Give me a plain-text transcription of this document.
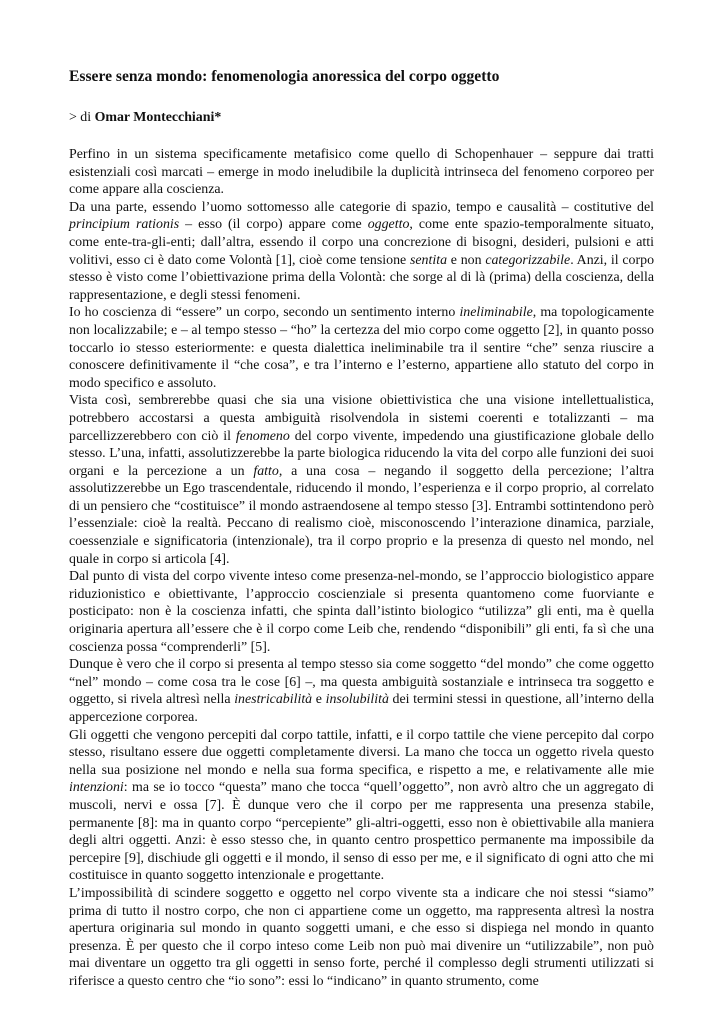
Essere senza mondo: fenomenologia anoressica del corpo oggetto
> di Omar Montecchiani*

Perfino in un sistema specificamente metafisico come quello di Schopenhauer – seppure dai tratti esistenziali così marcati – emerge in modo ineludibile la duplicità intrinseca del fenomeno corporeo per come appare alla coscienza.

Da una parte, essendo l’uomo sottomesso alle categorie di spazio, tempo e causalità – costitutive del principium rationis – esso (il corpo) appare come oggetto, come ente spazio-temporalmente situato, come ente-tra-gli-enti; dall’altra, essendo il corpo una concrezione di bisogni, desideri, pulsioni e atti volitivi, esso ci è dato come Volontà [1], cioè come tensione sentita e non categorizzabile. Anzi, il corpo stesso è visto come l’obiettivazione prima della Volontà: che sorge al di là (prima) della coscienza, della rappresentazione, e degli stessi fenomeni.

Io ho coscienza di “essere” un corpo, secondo un sentimento interno ineliminabile, ma topologicamente non localizzabile; e – al tempo stesso – “ho” la certezza del mio corpo come oggetto [2], in quanto posso toccarlo io stesso esteriormente: e questa dialettica ineliminabile tra il sentire “che” senza riuscire a conoscere definitivamente il “che cosa”, e tra l’interno e l’esterno, appartiene allo statuto del corpo in modo specifico e assoluto.

Vista così, sembrerebbe quasi che sia una visione obiettivistica che una visione intellettualistica, potrebbero accostarsi a questa ambiguità risolvendola in sistemi coerenti e totalizzanti – ma parcellizzerebbero con ciò il fenomeno del corpo vivente, impedendo una giustificazione globale dello stesso. L’una, infatti, assolutizzerebbe la parte biologica riducendo la vita del corpo alle funzioni dei suoi organi e la percezione a un fatto, a una cosa – negando il soggetto della percezione; l’altra assolutizzerebbe un Ego trascendentale, riducendo il mondo, l’esperienza e il corpo proprio, al correlato di un pensiero che “costituisce” il mondo astraendosene al tempo stesso [3]. Entrambi sottintendono però l’essenziale: cioè la realtà. Peccano di realismo cioè, misconoscendo l’interazione dinamica, parziale, coessenziale e significatoria (intenzionale), tra il corpo proprio e la presenza di questo nel mondo, nel quale in corpo si articola [4].

Dal punto di vista del corpo vivente inteso come presenza-nel-mondo, se l’approccio biologistico appare riduzionistico e obiettivante, l’approccio coscienziale si presenta quantomeno come fuorviante e posticipato: non è la coscienza infatti, che spinta dall’istinto biologico “utilizza” gli enti, ma è quella originaria apertura all’essere che è il corpo come Leib che, rendendo “disponibili” gli enti, fa sì che una coscienza possa “comprenderli” [5].

Dunque è vero che il corpo si presenta al tempo stesso sia come soggetto “del mondo” che come oggetto “nel” mondo – come cosa tra le cose [6] –, ma questa ambiguità sostanziale e intrinseca tra soggetto e oggetto, si rivela altresì nella inestricabilità e insolubilità dei termini stessi in questione, all’interno della appercezione corporea.

Gli oggetti che vengono percepiti dal corpo tattile, infatti, e il corpo tattile che viene percepito dal corpo stesso, risultano essere due oggetti completamente diversi. La mano che tocca un oggetto rivela questo nella sua posizione nel mondo e nella sua forma specifica, e rispetto a me, e relativamente alle mie intenzioni: ma se io tocco “questa” mano che tocca “quell’oggetto”, non avrò altro che un aggregato di muscoli, nervi e ossa [7]. È dunque vero che il corpo per me rappresenta una presenza stabile, permanente [8]: ma in quanto corpo “percepiente” gli-altri-oggetti, esso non è obiettivabile alla maniera degli altri oggetti. Anzi: è esso stesso che, in quanto centro prospettico permanente ma impossibile da percepire [9], dischiude gli oggetti e il mondo, il senso di esso per me, e il significato di ogni atto che mi costituisce in quanto soggetto intenzionale e progettante.

L’impossibilità di scindere soggetto e oggetto nel corpo vivente sta a indicare che noi stessi “siamo” prima di tutto il nostro corpo, che non ci appartiene come un oggetto, ma rappresenta altresì la nostra apertura originaria sul mondo in quanto soggetti umani, e che esso si dispiega nel mondo in quanto presenza. È per questo che il corpo inteso come Leib non può mai divenire un “utilizzabile”, non può mai diventare un oggetto tra gli oggetti in senso forte, perché il complesso degli strumenti utilizzati si riferisce a questo centro che “io sono”: essi lo “indicano” in quanto strumento, come
